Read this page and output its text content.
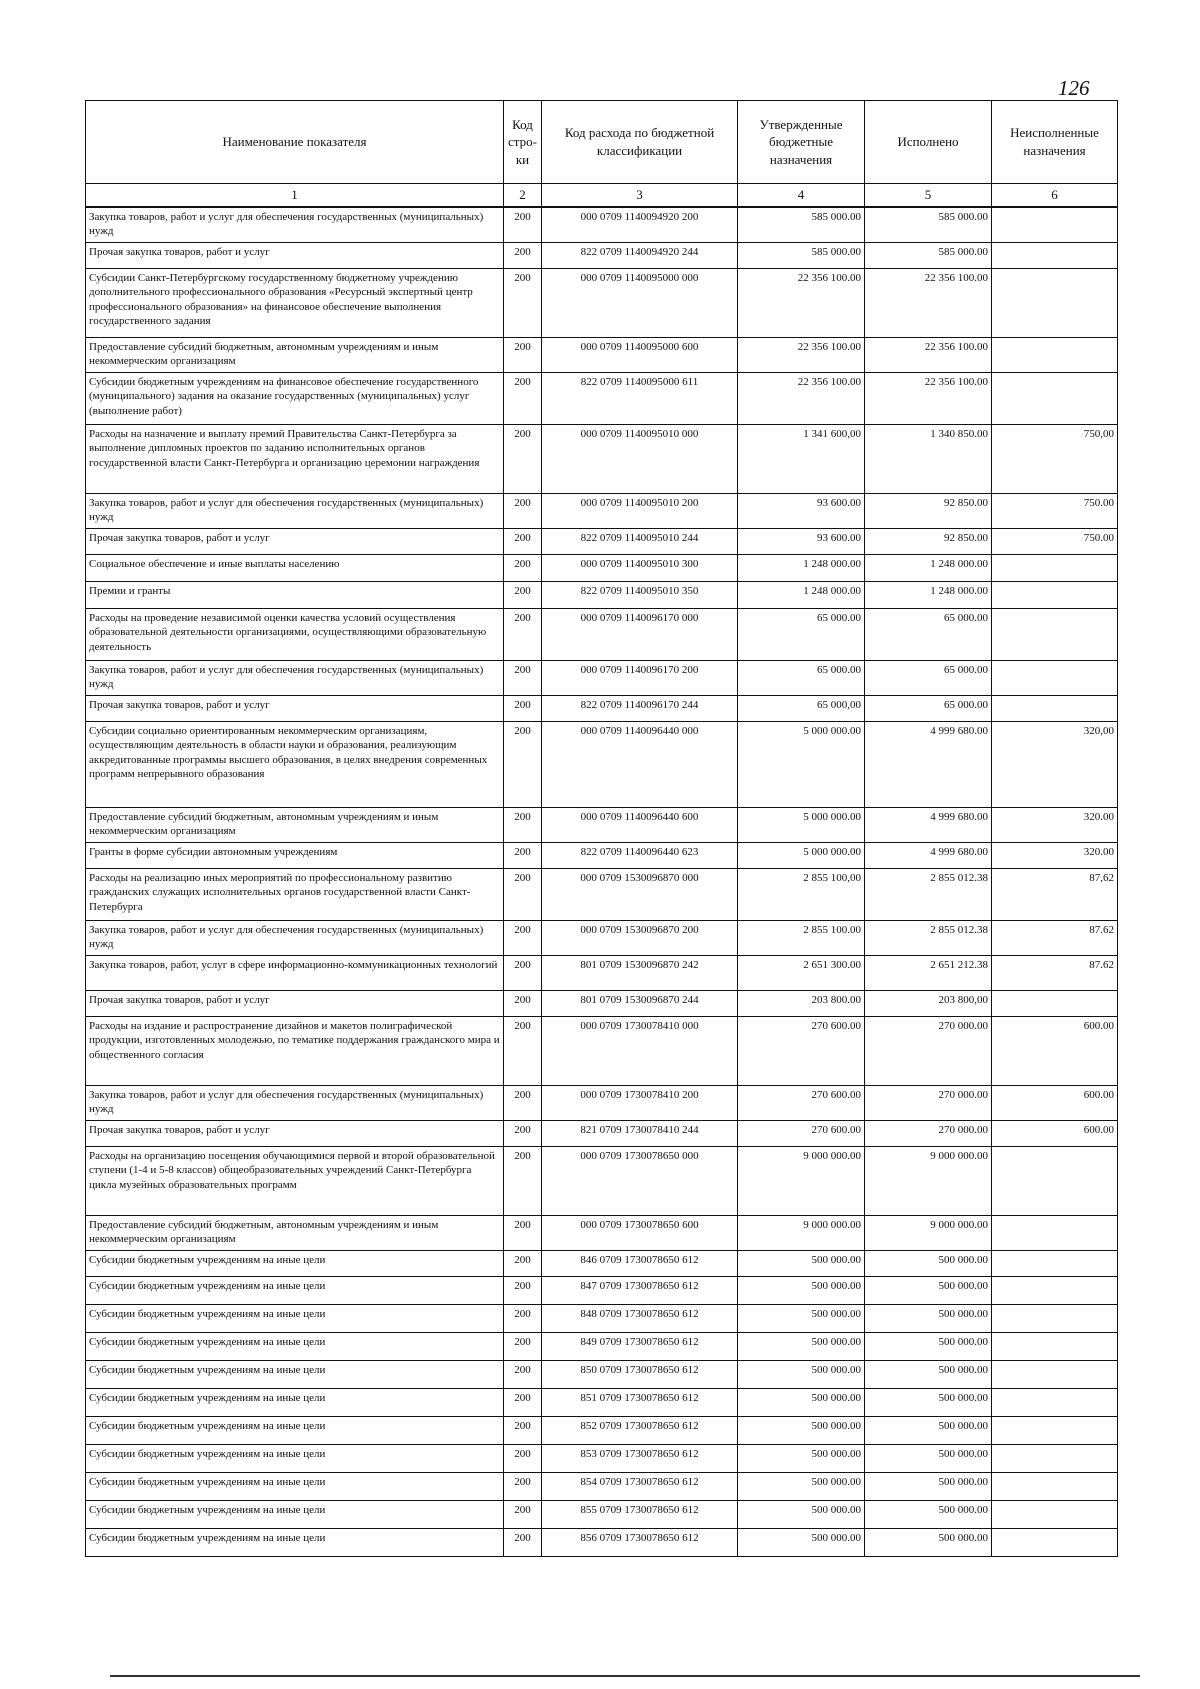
126
Наименование показателя	Код стро-ки	Код расхода по бюджетной классификации	Утвержденные бюджетные назначения	Исполнено	Неисполненные назначения
1	2	3	4	5	6
Закупка товаров, работ и услуг для обеспечения государственных (муниципальных) нужд	200	000 0709 1140094920 200	585 000.00	585 000.00	
Прочая закупка товаров, работ и услуг	200	822 0709 1140094920 244	585 000.00	585 000.00	
Субсидии Санкт-Петербургскому государственному бюджетному учреждению дополнительного профессионального образования «Ресурсный экспертный центр профессионального образования» на финансовое обеспечение выполнения государственного задания	200	000 0709 1140095000 000	22 356 100.00	22 356 100.00	
Предоставление субсидий бюджетным, автономным учреждениям и иным некоммерческим организациям	200	000 0709 1140095000 600	22 356 100.00	22 356 100.00	
Субсидии бюджетным учреждениям на финансовое обеспечение государственного (муниципального) задания на оказание государственных (муниципальных) услуг (выполнение работ)	200	822 0709 1140095000 611	22 356 100.00	22 356 100.00	
Расходы на назначение и выплату премий Правительства Санкт-Петербурга за выполнение дипломных проектов по заданию исполнительных органов государственной власти Санкт-Петербурга и организацию церемонии награждения	200	000 0709 1140095010 000	1 341 600,00	1 340 850.00	750,00
Закупка товаров, работ и услуг для обеспечения государственных (муниципальных) нужд	200	000 0709 1140095010 200	93 600.00	92 850.00	750.00
Прочая закупка товаров, работ и услуг	200	822 0709 1140095010 244	93 600.00	92 850.00	750.00
Социальное обеспечение и иные выплаты населению	200	000 0709 1140095010 300	1 248 000.00	1 248 000.00	
Премии и гранты	200	822 0709 1140095010 350	1 248 000.00	1 248 000.00	
Расходы на проведение независимой оценки качества условий осуществления образовательной деятельности организациями, осуществляющими образовательную деятельность	200	000 0709 1140096170 000	65 000.00	65 000.00	
Закупка товаров, работ и услуг для обеспечения государственных (муниципальных) нужд	200	000 0709 1140096170 200	65 000.00	65 000.00	
Прочая закупка товаров, работ и услуг	200	822 0709 1140096170 244	65 000,00	65 000.00	
Субсидии социально ориентированным некоммерческим организациям, осуществляющим деятельность в области науки и образования, реализующим аккредитованные программы высшего образования, в целях внедрения современных программ непрерывного образования	200	000 0709 1140096440 000	5 000 000.00	4 999 680.00	320,00
Предоставление субсидий бюджетным, автономным учреждениям и иным некоммерческим организациям	200	000 0709 1140096440 600	5 000 000.00	4 999 680.00	320.00
Гранты в форме субсидии автономным учреждениям	200	822 0709 1140096440 623	5 000 000.00	4 999 680.00	320.00
Расходы на реализацию иных мероприятий по профессиональному развитию гражданских служащих исполнительных органов государственной власти Санкт-Петербурга	200	000 0709 1530096870 000	2 855 100,00	2 855 012.38	87,62
Закупка товаров, работ и услуг для обеспечения государственных (муниципальных) нужд	200	000 0709 1530096870 200	2 855 100.00	2 855 012.38	87.62
Закупка товаров, работ, услуг в сфере информационно-коммуникационных технологий	200	801 0709 1530096870 242	2 651 300.00	2 651 212.38	87.62
Прочая закупка товаров, работ и услуг	200	801 0709 1530096870 244	203 800.00	203 800,00	
Расходы на издание и распространение дизайнов и макетов полиграфической продукции, изготовленных молодежью, по тематике поддержания гражданского мира и общественного согласия	200	000 0709 1730078410 000	270 600.00	270 000.00	600.00
Закупка товаров, работ и услуг для обеспечения государственных (муниципальных) нужд	200	000 0709 1730078410 200	270 600.00	270 000.00	600.00
Прочая закупка товаров, работ и услуг	200	821 0709 1730078410 244	270 600.00	270 000.00	600.00
Расходы на организацию посещения обучающимися первой и второй образовательной ступени (1-4 и 5-8 классов) общеобразовательных учреждений Санкт-Петербурга цикла музейных образовательных программ	200	000 0709 1730078650 000	9 000 000.00	9 000 000.00	
Предоставление субсидий бюджетным, автономным учреждениям и иным некоммерческим организациям	200	000 0709 1730078650 600	9 000 000.00	9 000 000.00	
Субсидии бюджетным учреждениям на иные цели	200	846 0709 1730078650 612	500 000.00	500 000.00	
Субсидии бюджетным учреждениям на иные цели	200	847 0709 1730078650 612	500 000.00	500 000.00	
Субсидии бюджетным учреждениям на иные цели	200	848 0709 1730078650 612	500 000.00	500 000.00	
Субсидии бюджетным учреждениям на иные цели	200	849 0709 1730078650 612	500 000.00	500 000.00	
Субсидии бюджетным учреждениям на иные цели	200	850 0709 1730078650 612	500 000.00	500 000.00	
Субсидии бюджетным учреждениям на иные цели	200	851 0709 1730078650 612	500 000.00	500 000.00	
Субсидии бюджетным учреждениям на иные цели	200	852 0709 1730078650 612	500 000.00	500 000.00	
Субсидии бюджетным учреждениям на иные цели	200	853 0709 1730078650 612	500 000.00	500 000.00	
Субсидии бюджетным учреждениям на иные цели	200	854 0709 1730078650 612	500 000.00	500 000.00	
Субсидии бюджетным учреждениям на иные цели	200	855 0709 1730078650 612	500 000.00	500 000.00	
Субсидии бюджетным учреждениям на иные цели	200	856 0709 1730078650 612	500 000.00	500 000.00	
